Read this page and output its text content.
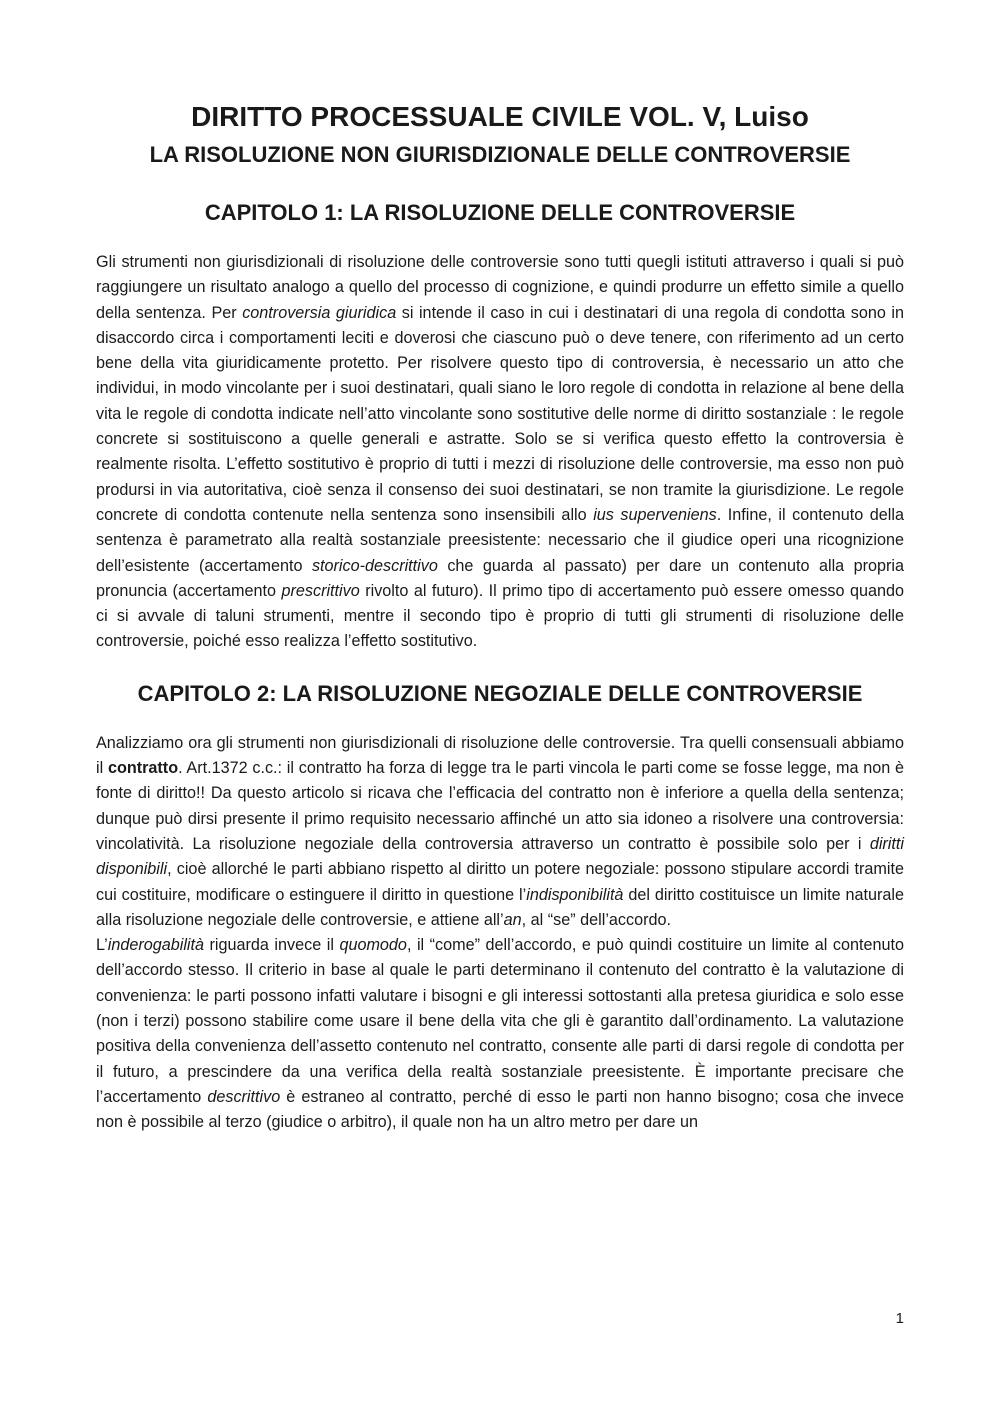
DIRITTO PROCESSUALE CIVILE VOL. V, Luiso
LA RISOLUZIONE NON GIURISDIZIONALE DELLE CONTROVERSIE
CAPITOLO 1: LA RISOLUZIONE DELLE CONTROVERSIE

Gli strumenti non giurisdizionali di risoluzione delle controversie sono tutti quegli istituti attraverso i quali si può raggiungere un risultato analogo a quello del processo di cognizione, e quindi produrre un effetto simile a quello della sentenza. Per controversia giuridica si intende il caso in cui i destinatari di una regola di condotta sono in disaccordo circa i comportamenti leciti e doverosi che ciascuno può o deve tenere, con riferimento ad un certo bene della vita giuridicamente protetto. Per risolvere questo tipo di controversia, è necessario un atto che individui, in modo vincolante per i suoi destinatari, quali siano le loro regole di condotta in relazione al bene della vita le regole di condotta indicate nell’atto vincolante sono sostitutive delle norme di diritto sostanziale : le regole concrete si sostituiscono a quelle generali e astratte. Solo se si verifica questo effetto la controversia è realmente risolta. L’effetto sostitutivo è proprio di tutti i mezzi di risoluzione delle controversie, ma esso non può prodursi in via autoritativa, cioè senza il consenso dei suoi destinatari, se non tramite la giurisdizione. Le regole concrete di condotta contenute nella sentenza sono insensibili allo ius superveniens. Infine, il contenuto della sentenza è parametrato alla realtà sostanziale preesistente: necessario che il giudice operi una ricognizione dell’esistente (accertamento storico-descrittivo che guarda al passato) per dare un contenuto alla propria pronuncia (accertamento prescrittivo rivolto al futuro). Il primo tipo di accertamento può essere omesso quando ci si avvale di taluni strumenti, mentre il secondo tipo è proprio di tutti gli strumenti di risoluzione delle controversie, poiché esso realizza l’effetto sostitutivo.

CAPITOLO 2: LA RISOLUZIONE NEGOZIALE DELLE CONTROVERSIE

Analizziamo ora gli strumenti non giurisdizionali di risoluzione delle controversie. Tra quelli consensuali abbiamo il contratto. Art.1372 c.c.: il contratto ha forza di legge tra le parti vincola le parti come se fosse legge, ma non è fonte di diritto!! Da questo articolo si ricava che l’efficacia del contratto non è inferiore a quella della sentenza; dunque può dirsi presente il primo requisito necessario affinché un atto sia idoneo a risolvere una controversia: vincolatività. La risoluzione negoziale della controversia attraverso un contratto è possibile solo per i diritti disponibili, cioè allorché le parti abbiano rispetto al diritto un potere negoziale: possono stipulare accordi tramite cui costituire, modificare o estinguere il diritto in questione l’indisponibilità del diritto costituisce un limite naturale alla risoluzione negoziale delle controversie, e attiene all’an, al “se” dell’accordo.

L’inderogabilità riguarda invece il quomodo, il “come” dell’accordo, e può quindi costituire un limite al contenuto dell’accordo stesso. Il criterio in base al quale le parti determinano il contenuto del contratto è la valutazione di convenienza: le parti possono infatti valutare i bisogni e gli interessi sottostanti alla pretesa giuridica e solo esse (non i terzi) possono stabilire come usare il bene della vita che gli è garantito dall’ordinamento. La valutazione positiva della convenienza dell’assetto contenuto nel contratto, consente alle parti di darsi regole di condotta per il futuro, a prescindere da una verifica della realtà sostanziale preesistente. È importante precisare che l’accertamento descrittivo è estraneo al contratto, perché di esso le parti non hanno bisogno; cosa che invece non è possibile al terzo (giudice o arbitro), il quale non ha un altro metro per dare un

1
